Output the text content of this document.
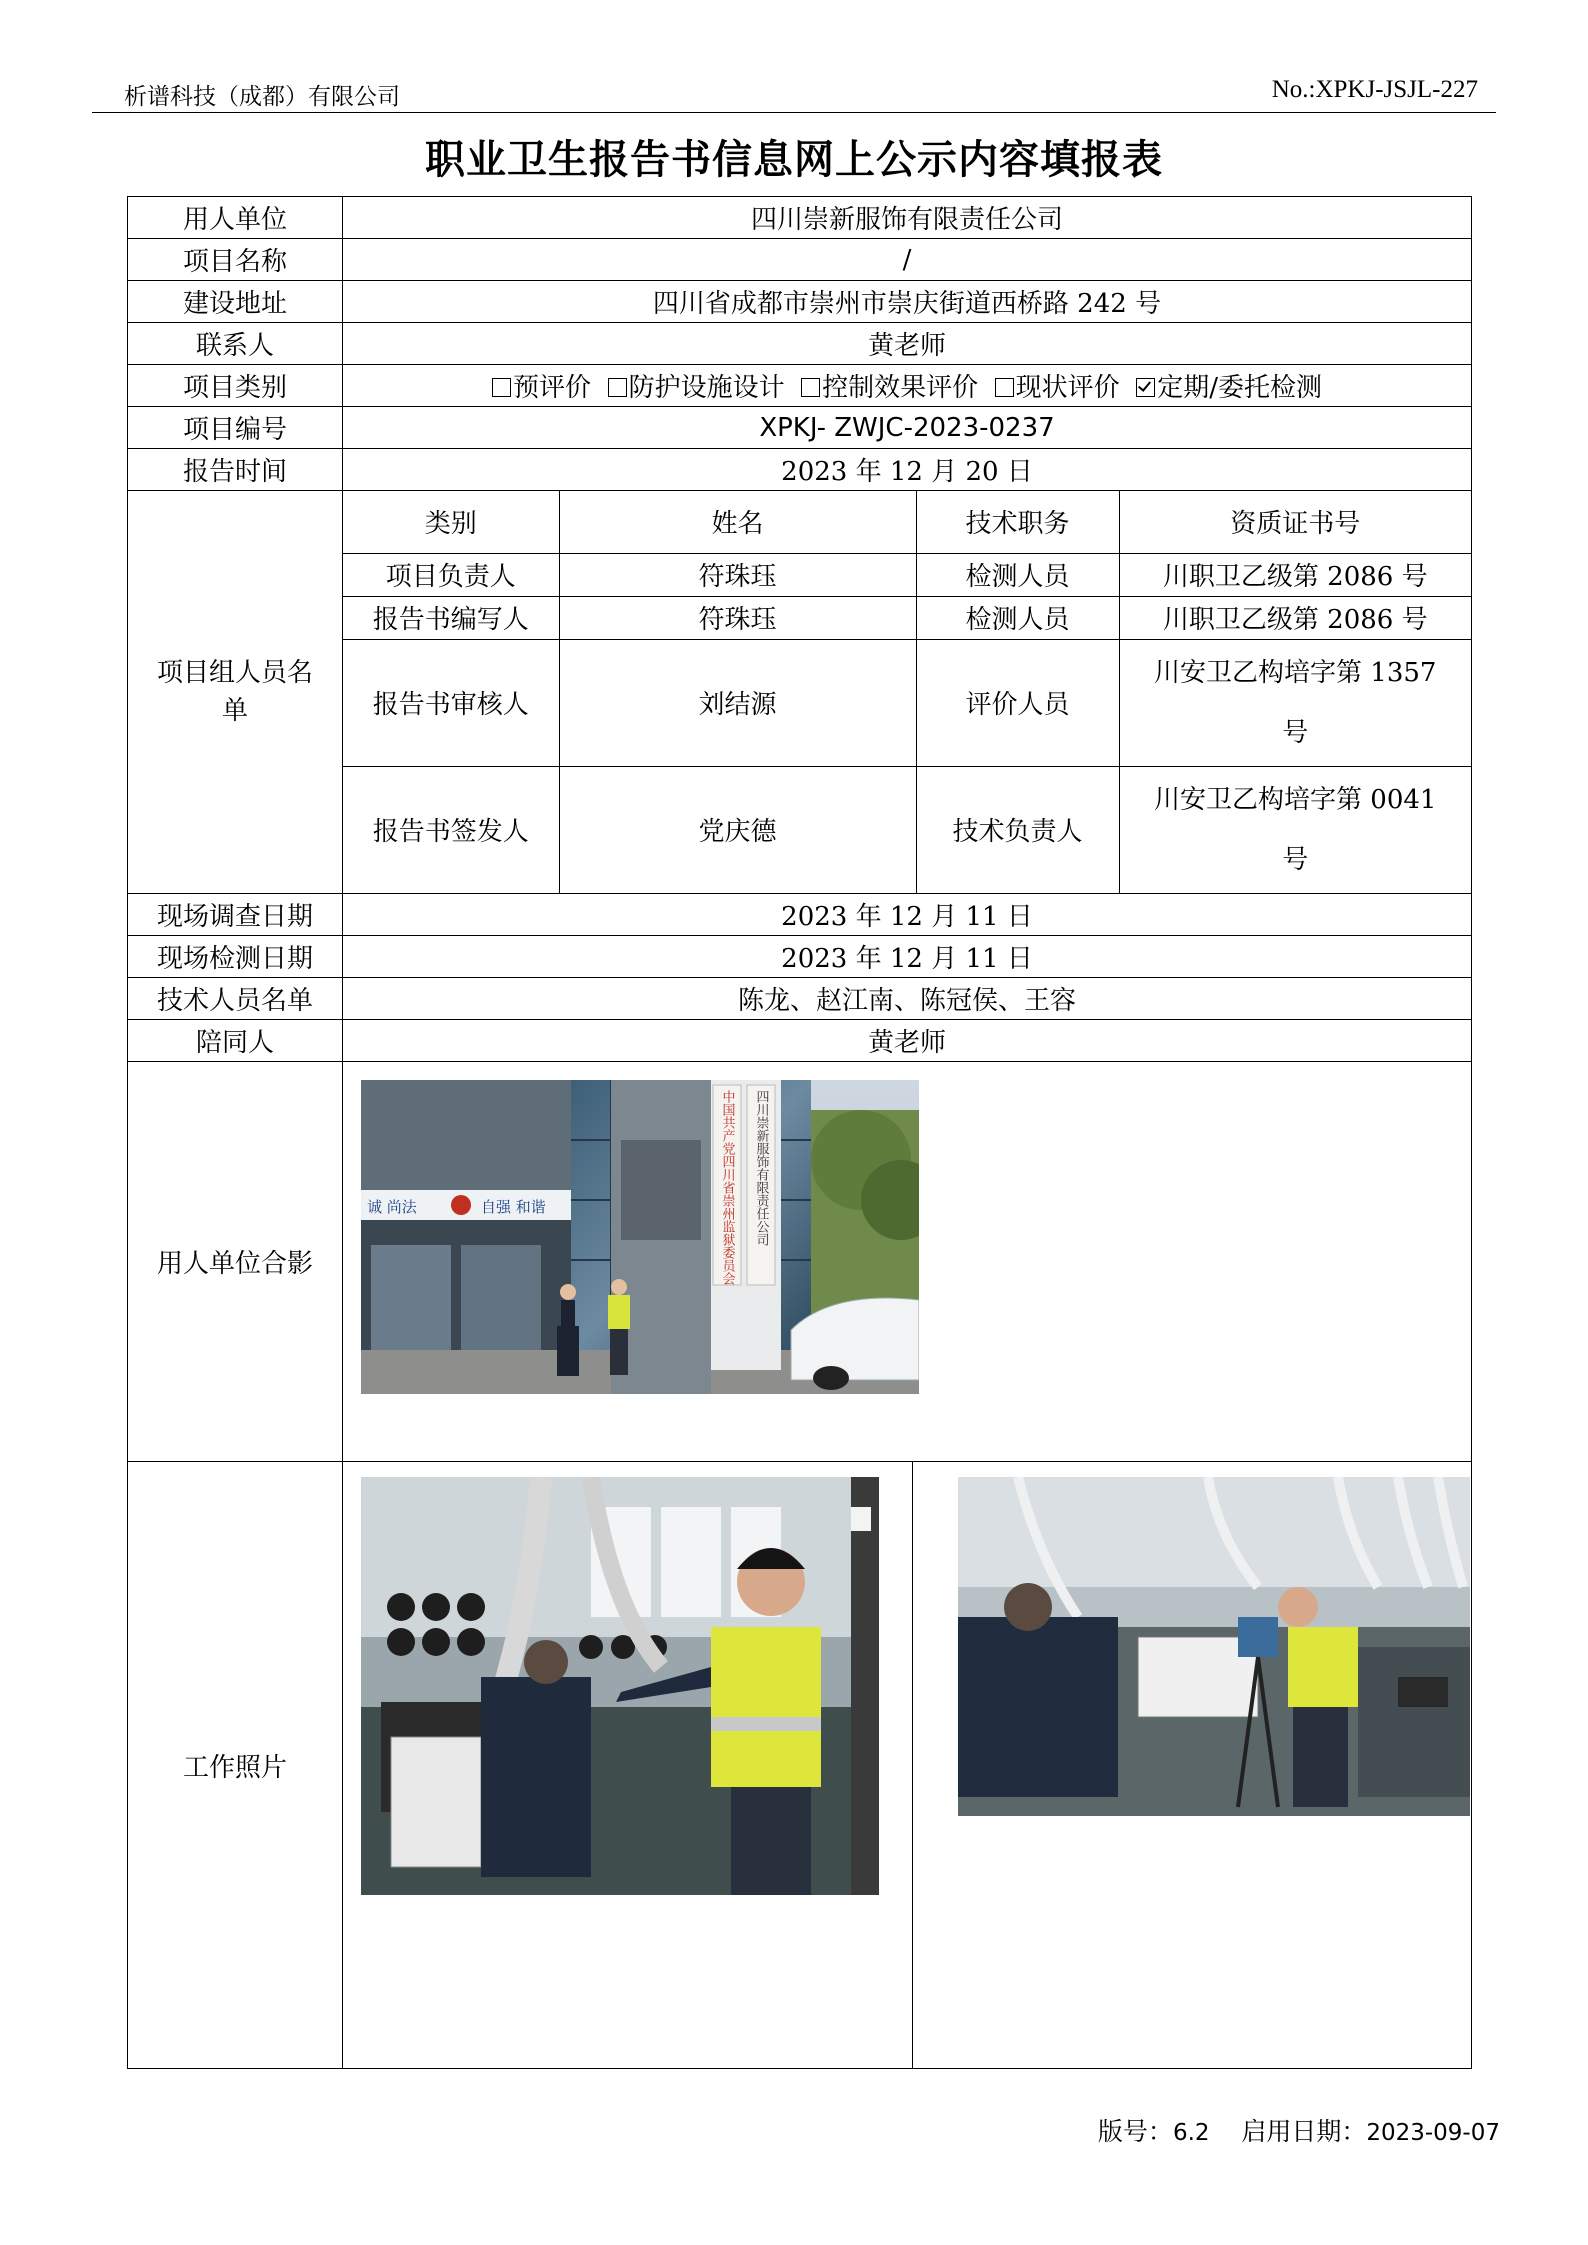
析谱科技（成都）有限公司	No.:XPKJ-JSJL-227
职业卫生报告书信息网上公示内容填报表
用人单位	四川崇新服饰有限责任公司
项目名称	/
建设地址	四川省成都市崇州市崇庆街道西桥路 242 号
联系人	黄老师
项目类别	预评价 防护设施设计 控制效果评价 现状评价 定期/委托检测
项目编号	XPKJ- ZWJC-2023-0237
报告时间	2023 年 12 月 20 日
项目组人员名单	
类别	姓名	技术职务	资质证书号
项目负责人	符珠珏	检测人员	川职卫乙级第 2086 号
报告书编写人	符珠珏	检测人员	川职卫乙级第 2086 号
报告书审核人	刘结源	评价人员	川安卫乙构培字第 1357 号
报告书签发人	党庆德	技术负责人	川安卫乙构培字第 0041 号

现场调查日期	2023 年 12 月 11 日
现场检测日期	2023 年 12 月 11 日
技术人员名单	陈龙、赵江南、陈冠侯、王容
陪同人	黄老师
用人单位合影	
工作照片		
诚 尚法	自强 和谐	四川崇新服饰有限责任公司
中国共产党四川省崇州监狱委员会
版号：6.2 启用日期：2023-09-07
